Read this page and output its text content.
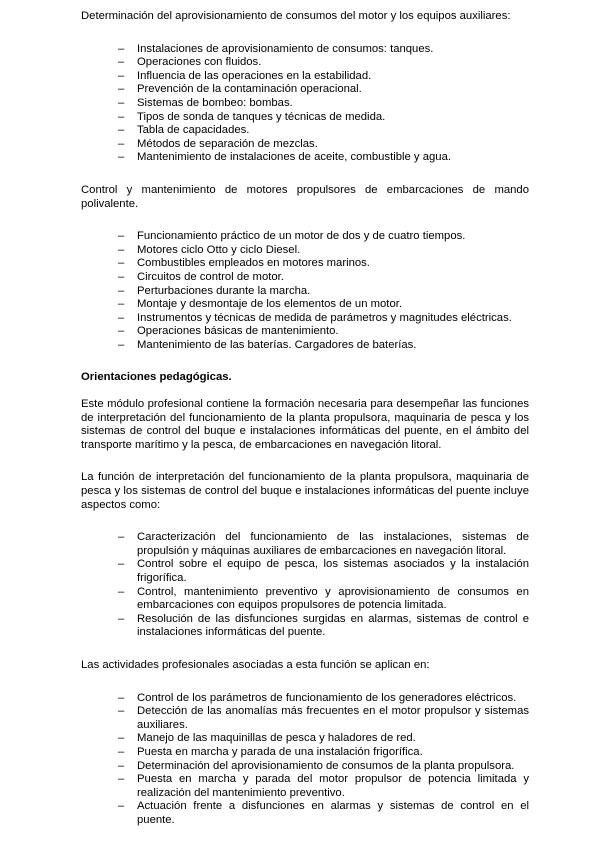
Determinación del aprovisionamiento de consumos del motor y los equipos auxiliares:

– Instalaciones de aprovisionamiento de consumos: tanques.
– Operaciones con fluidos.
– Influencia de las operaciones en la estabilidad.
– Prevención de la contaminación operacional.
– Sistemas de bombeo: bombas.
– Tipos de sonda de tanques y técnicas de medida.
– Tabla de capacidades.
– Métodos de separación de mezclas.
– Mantenimiento de instalaciones de aceite, combustible y agua.

Control y mantenimiento de motores propulsores de embarcaciones de mando polivalente.

– Funcionamiento práctico de un motor de dos y de cuatro tiempos.
– Motores ciclo Otto y ciclo Diesel.
– Combustibles empleados en motores marinos.
– Circuitos de control de motor.
– Perturbaciones durante la marcha.
– Montaje y desmontaje de los elementos de un motor.
– Instrumentos y técnicas de medida de parámetros y magnitudes eléctricas.
– Operaciones básicas de mantenimiento.
– Mantenimiento de las baterías. Cargadores de baterías.

Orientaciones pedagógicas.

Este módulo profesional contiene la formación necesaria para desempeñar las funciones de interpretación del funcionamiento de la planta propulsora, maquinaria de pesca y los sistemas de control del buque e instalaciones informáticas del puente, en el ámbito del transporte marítimo y la pesca, de embarcaciones en navegación litoral.

La función de interpretación del funcionamiento de la planta propulsora, maquinaria de pesca y los sistemas de control del buque e instalaciones informáticas del puente incluye aspectos como:

– Caracterización del funcionamiento de las instalaciones, sistemas de propulsión y máquinas auxiliares de embarcaciones en navegación litoral.
– Control sobre el equipo de pesca, los sistemas asociados y la instalación frigorífica.
– Control, mantenimiento preventivo y aprovisionamiento de consumos en embarcaciones con equipos propulsores de potencia limitada.
– Resolución de las disfunciones surgidas en alarmas, sistemas de control e instalaciones informáticas del puente.

Las actividades profesionales asociadas a esta función se aplican en:

– Control de los parámetros de funcionamiento de los generadores eléctricos.
– Detección de las anomalías más frecuentes en el motor propulsor y sistemas auxiliares.
– Manejo de las maquinillas de pesca y haladores de red.
– Puesta en marcha y parada de una instalación frigorífica.
– Determinación del aprovisionamiento de consumos de la planta propulsora.
– Puesta en marcha y parada del motor propulsor de potencia limitada y realización del mantenimiento preventivo.
– Actuación frente a disfunciones en alarmas y sistemas de control en el puente.
